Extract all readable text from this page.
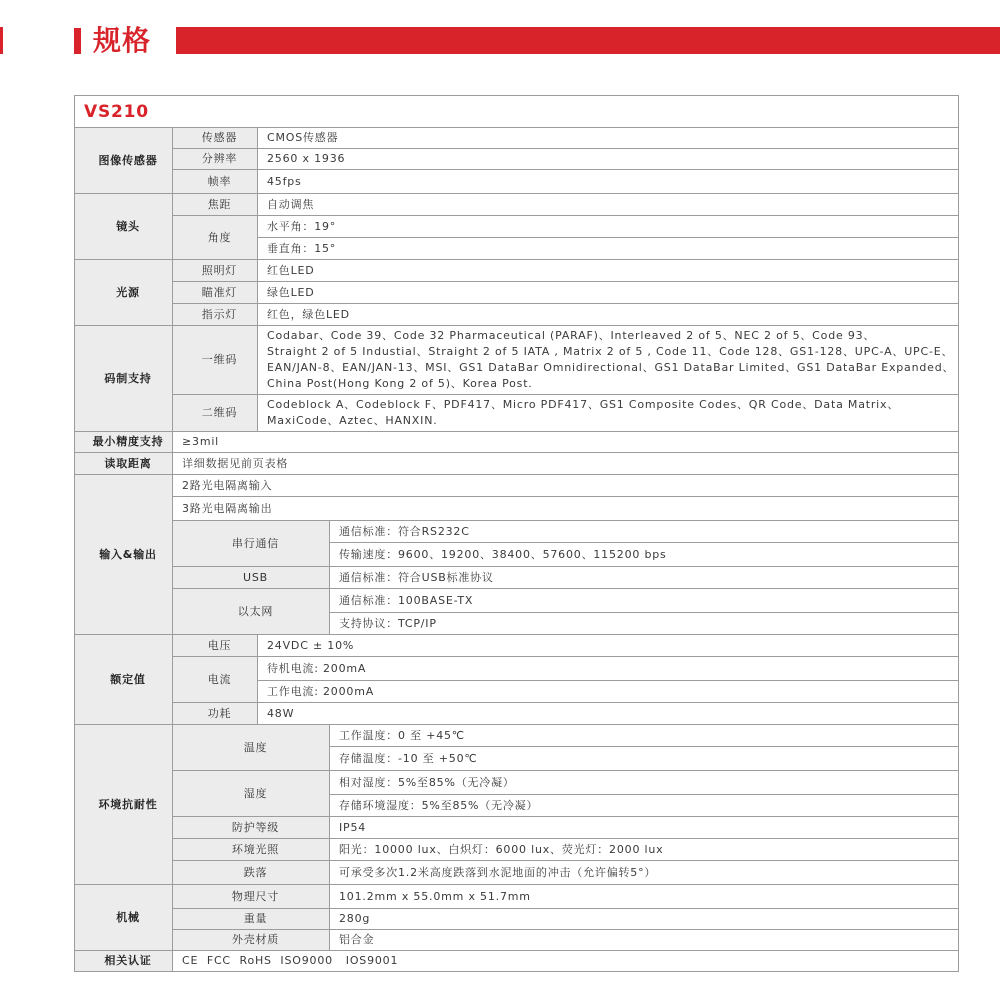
规格
VS210			
图像传感器	传感器	CMOS传感器	
	分辨率	2560 x 1936	
	帧率	45fps	
镜头	焦距	自动调焦	
	角度	水平角：19°	
		垂直角：15°	
光源	照明灯	红色LED	
	瞄准灯	绿色LED	
	指示灯	红色，绿色LED	
码制支持	一维码	Codabar、Code 39、Code 32 Pharmaceutical (PARAF)、Interleaved 2 of 5、NEC 2 of 5、Code 93、
Straight 2 of 5 Industial、Straight 2 of 5 IATA , Matrix 2 of 5 , Code 11、Code 128、GS1-128、UPC-A、UPC-E、
EAN/JAN-8、EAN/JAN-13、MSI、GS1 DataBar Omnidirectional、GS1 DataBar Limited、GS1 DataBar Expanded、
China Post(Hong Kong 2 of 5)、Korea Post.	

	二维码	Codeblock A、Codeblock F、PDF417、Micro PDF417、GS1 Composite Codes、QR Code、Data Matrix、
MaxiCode、Aztec、HANXIN.	

最小精度支持	≥3mil		
读取距离	详细数据见前页表格		
输入&输出	2路光电隔离输入		
	3路光电隔离输出		
	串行通信		通信标准：符合RS232C
			传输速度：9600、19200、38400、57600、115200 bps
	USB		通信标准：符合USB标准协议
	以太网		通信标准：100BASE-TX
			支持协议：TCP/IP
额定值	电压	24VDC ± 10%	
	电流	待机电流: 200mA	
		工作电流: 2000mA	
	功耗	48W	
环境抗耐性	温度		工作温度：0 至 +45℃
			存储温度：-10 至 +50℃
	湿度		相对湿度：5%至85%（无冷凝）
			存储环境湿度：5%至85%（无冷凝）
	防护等级		IP54
	环境光照		阳光：10000 lux、白炽灯：6000 lux、荧光灯：2000 lux
	跌落		可承受多次1.2米高度跌落到水泥地面的冲击（允许偏转5°）
机械	物理尺寸		101.2mm x 55.0mm x 51.7mm
	重量		280g
	外壳材质		铝合金
相关认证	CE  FCC  RoHS  ISO9000   IOS9001		
